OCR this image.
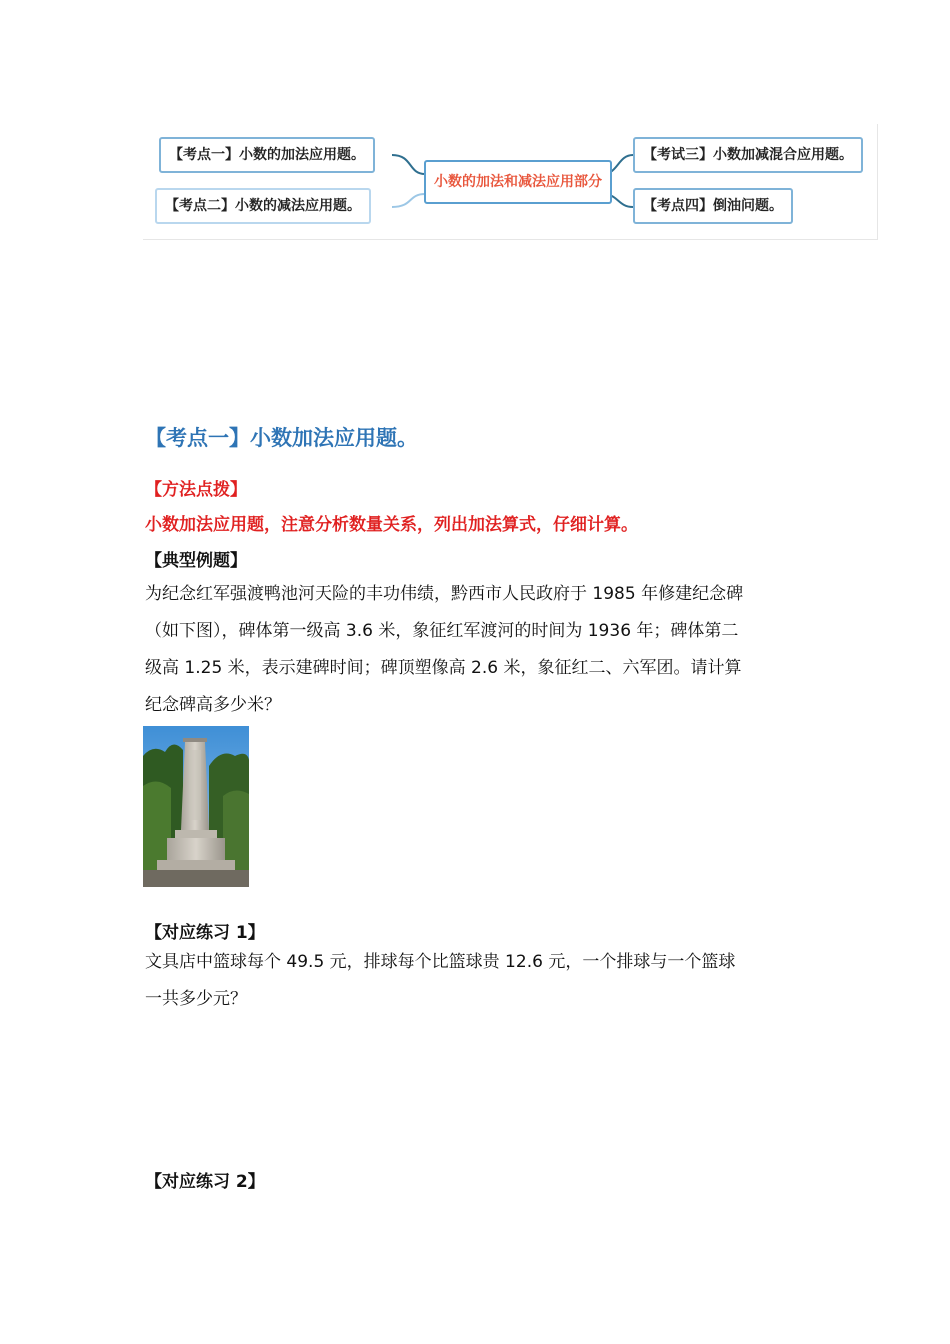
【考点一】小数的加法应用题。
【考点二】小数的减法应用题。
小数的加法和减法应用部分
【考试三】小数加减混合应用题。
【考点四】倒油问题。
【考点一】小数加法应用题。
【方法点拨】
小数加法应用题，注意分析数量关系，列出加法算式，仔细计算。
【典型例题】
为纪念红军强渡鸭池河天险的丰功伟绩，黔西市人民政府于 1985 年修建纪念碑
（如下图），碑体第一级高 3.6 米，象征红军渡河的时间为 1936 年；碑体第二
级高 1.25 米，表示建碑时间；碑顶塑像高 2.6 米，象征红二、六军团。请计算
纪念碑高多少米？
【对应练习 1】
文具店中篮球每个 49.5 元，排球每个比篮球贵 12.6 元，一个排球与一个篮球
一共多少元？
【对应练习 2】
